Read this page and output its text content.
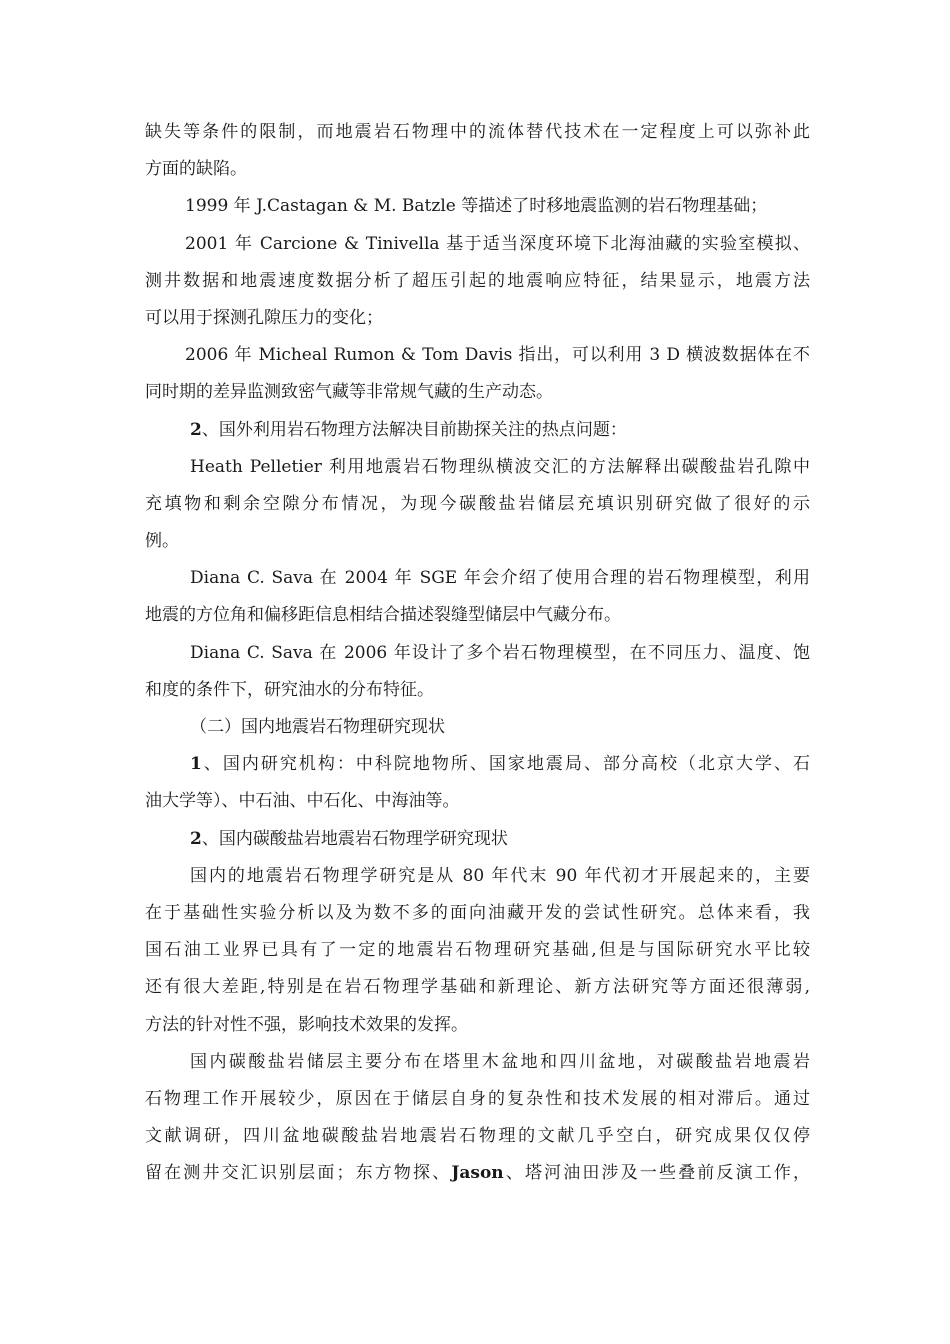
缺失等条件的限制，而地震岩石物理中的流体替代技术在一定程度上可以弥补此
方面的缺陷。
1999 年 J.Castagan & M. Batzle 等描述了时移地震监测的岩石物理基础；
2001 年 Carcione & Tinivella 基于适当深度环境下北海油藏的实验室模拟、
测井数据和地震速度数据分析了超压引起的地震响应特征，结果显示，地震方法
可以用于探测孔隙压力的变化；
2006 年 Micheal Rumon & Tom Davis 指出，可以利用 3 D 横波数据体在不
同时期的差异监测致密气藏等非常规气藏的生产动态。
2、国外利用岩石物理方法解决目前勘探关注的热点问题：
Heath Pelletier 利用地震岩石物理纵横波交汇的方法解释出碳酸盐岩孔隙中
充填物和剩余空隙分布情况，为现今碳酸盐岩储层充填识别研究做了很好的示
例。
Diana C. Sava 在 2004 年 SGE 年会介绍了使用合理的岩石物理模型，利用
地震的方位角和偏移距信息相结合描述裂缝型储层中气藏分布。
Diana C. Sava 在 2006 年设计了多个岩石物理模型，在不同压力、温度、饱
和度的条件下，研究油水的分布特征。
（二）国内地震岩石物理研究现状
1、国内研究机构：中科院地物所、国家地震局、部分高校（北京大学、石
油大学等）、中石油、中石化、中海油等。
2、国内碳酸盐岩地震岩石物理学研究现状
国内的地震岩石物理学研究是从 80 年代末 90 年代初才开展起来的，主要
在于基础性实验分析以及为数不多的面向油藏开发的尝试性研究。总体来看，我
国石油工业界已具有了一定的地震岩石物理研究基础,但是与国际研究水平比较
还有很大差距,特别是在岩石物理学基础和新理论、新方法研究等方面还很薄弱,
方法的针对性不强，影响技术效果的发挥。
国内碳酸盐岩储层主要分布在塔里木盆地和四川盆地，对碳酸盐岩地震岩
石物理工作开展较少，原因在于储层自身的复杂性和技术发展的相对滞后。通过
文献调研，四川盆地碳酸盐岩地震岩石物理的文献几乎空白，研究成果仅仅停
留在测井交汇识别层面；东方物探、Jason、塔河油田涉及一些叠前反演工作，
